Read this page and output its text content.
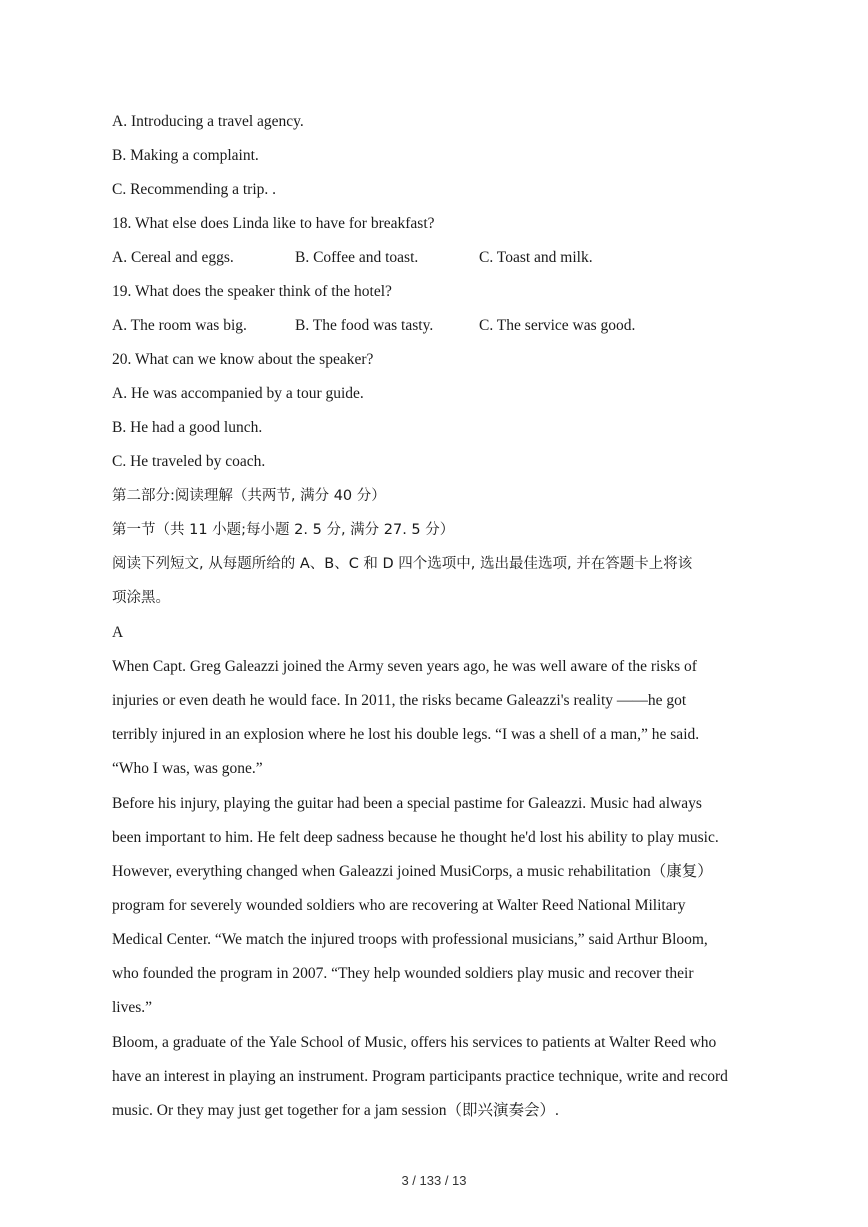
A. Introducing a travel agency.
B. Making a complaint.
C. Recommending a trip. .
18. What else does Linda like to have for breakfast?
A. Cereal and eggs.	B. Coffee and toast.	C. Toast and milk.
19. What does the speaker think of the hotel?
A. The room was big.	B. The food was tasty.	C. The service was good.
20. What can we know about the speaker?
A. He was accompanied by a tour guide.
B. He had a good lunch.
C. He traveled by coach.
第二部分:阅读理解（共两节, 满分 40 分）
第一节（共 11 小题;每小题 2. 5 分, 满分 27. 5 分）
阅读下列短文, 从每题所给的 A、B、C 和 D 四个选项中, 选出最佳选项, 并在答题卡上将该
项涂黑。
A
When Capt. Greg Galeazzi joined the Army seven years ago, he was well aware of the risks of
injuries or even death he would face. In 2011, the risks became Galeazzi's reality ——he got
terribly injured in an explosion where he lost his double legs. “I was a shell of a man,” he said.
“Who I was, was gone.”
Before his injury, playing the guitar had been a special pastime for Galeazzi. Music had always
been important to him. He felt deep sadness because he thought he'd lost his ability to play music.
However, everything changed when Galeazzi joined MusiCorps, a music rehabilitation（康复）
program for severely wounded soldiers who are recovering at Walter Reed National Military
Medical Center. “We match the injured troops with professional musicians,” said Arthur Bloom,
who founded the program in 2007. “They help wounded soldiers play music and recover their
lives.”
Bloom, a graduate of the Yale School of Music, offers his services to patients at Walter Reed who
have an interest in playing an instrument. Program participants practice technique, write and record
music. Or they may just get together for a jam session（即兴演奏会）.
3 / 133 / 13
